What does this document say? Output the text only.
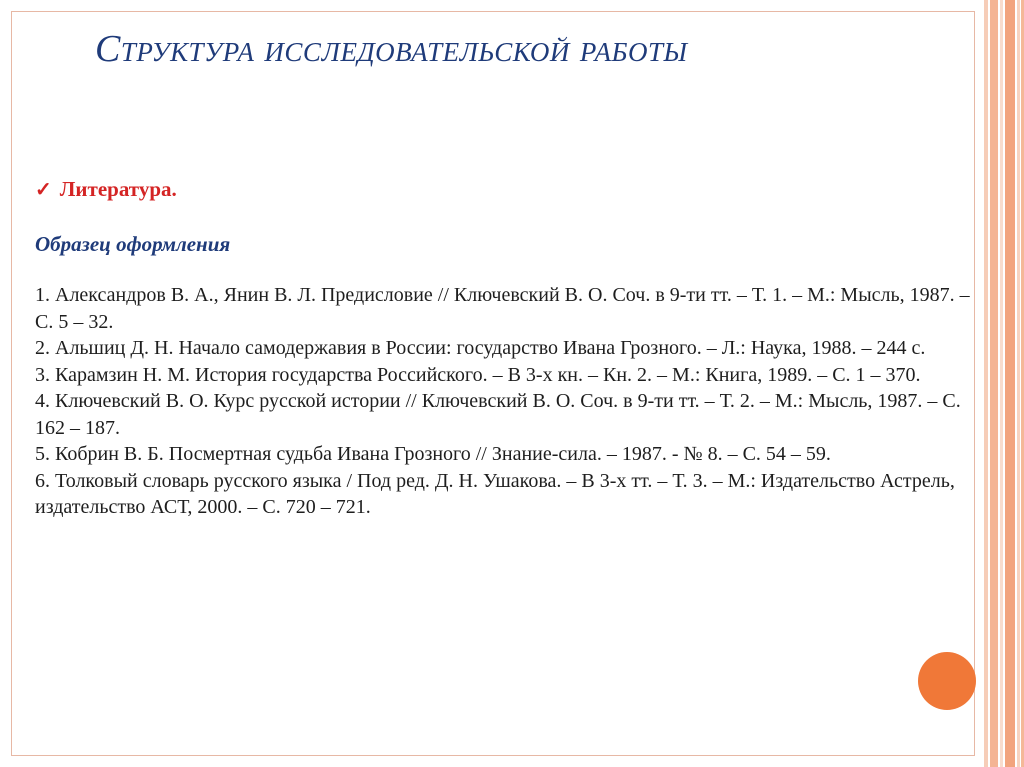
Структура исследовательской работы

✓ Литература.

Образец оформления

1. Александров В. А., Янин В. Л. Предисловие // Ключевский В. О. Соч. в 9-ти тт. – Т. 1. – М.: Мысль, 1987. – С. 5 – 32.
2. Альшиц Д. Н. Начало самодержавия в России: государство Ивана Грозного. – Л.: Наука, 1988. – 244 с.
3. Карамзин Н. М. История государства Российского. – В 3-х кн. – Кн. 2. – М.: Книга, 1989. – С. 1 – 370.
4. Ключевский В. О. Курс русской истории // Ключевский В. О. Соч. в 9-ти тт. – Т. 2. – М.: Мысль, 1987. – С. 162 – 187.
5. Кобрин В. Б. Посмертная судьба Ивана Грозного // Знание-сила. – 1987. - № 8. – С. 54 – 59.
6. Толковый словарь русского языка / Под ред. Д. Н. Ушакова. – В 3-х тт. – Т. 3. – М.: Издательство Астрель, издательство АСТ, 2000. – С. 720 – 721.
